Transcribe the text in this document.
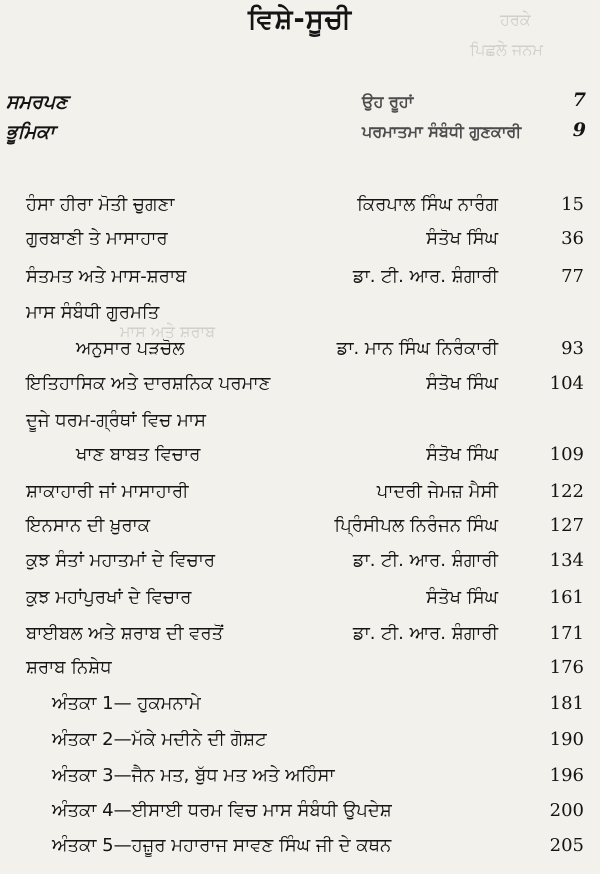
ਹਰਕੇ
ਪਿਛਲੇ ਜਨਮ
ਮਾਸ ਅਤੇ ਸ਼ਰਾਬ
ਵਿਸ਼ੇ-ਸੂਚੀ
ਸਮਰਪਣ	ਉਹ ਰੂਹਾਂ	7
ਭੂਮਿਕਾ	ਪਰਮਾਤਮਾ ਸੰਬੰਧੀ ਗੁਣਕਾਰੀ	9
ਹੰਸਾ ਹੀਰਾ ਮੋਤੀ ਚੁਗਣਾ	ਕਿਰਪਾਲ ਸਿੰਘ ਨਾਰੰਗ	15
ਗੁਰਬਾਣੀ ਤੇ ਮਾਸਾਹਾਰ	ਸੰਤੋਖ ਸਿੰਘ	36
ਸੰਤਮਤ ਅਤੇ ਮਾਸ-ਸ਼ਰਾਬ	ਡਾ. ਟੀ. ਆਰ. ਸ਼ੰਗਾਰੀ	77
ਮਾਸ ਸੰਬੰਧੀ ਗੁਰਮਤਿ
ਅਨੁਸਾਰ ਪੜਚੋਲ	ਡਾ. ਮਾਨ ਸਿੰਘ ਨਿਰੰਕਾਰੀ	93
ਇਤਿਹਾਸਿਕ ਅਤੇ ਦਾਰਸ਼ਨਿਕ ਪਰਮਾਣ	ਸੰਤੋਖ ਸਿੰਘ	104
ਦੂਜੇ ਧਰਮ-ਗ੍ਰੰਥਾਂ ਵਿਚ ਮਾਸ
ਖਾਣ ਬਾਬਤ ਵਿਚਾਰ	ਸੰਤੋਖ ਸਿੰਘ	109
ਸ਼ਾਕਾਹਾਰੀ ਜਾਂ ਮਾਸਾਹਾਰੀ	ਪਾਦਰੀ ਜੇਮਜ਼ ਮੈਸੀ	122
ਇਨਸਾਨ ਦੀ ਖ਼ੁਰਾਕ	ਪ੍ਰਿੰਸੀਪਲ ਨਿਰੰਜਨ ਸਿੰਘ	127
ਕੁਝ ਸੰਤਾਂ ਮਹਾਤਮਾਂ ਦੇ ਵਿਚਾਰ	ਡਾ. ਟੀ. ਆਰ. ਸ਼ੰਗਾਰੀ	134
ਕੁਝ ਮਹਾਂਪੁਰਖਾਂ ਦੇ ਵਿਚਾਰ	ਸੰਤੋਖ ਸਿੰਘ	161
ਬਾਈਬਲ ਅਤੇ ਸ਼ਰਾਬ ਦੀ ਵਰਤੋਂ	ਡਾ. ਟੀ. ਆਰ. ਸ਼ੰਗਾਰੀ	171
ਸ਼ਰਾਬ ਨਿਸ਼ੇਧ	176
ਅੰਤਕਾ 1— ਹੁਕਮਨਾਮੇ	181
ਅੰਤਕਾ 2—ਮੱਕੇ ਮਦੀਨੇ ਦੀ ਗੋਸ਼ਟ	190
ਅੰਤਕਾ 3—ਜੈਨ ਮਤ, ਬੁੱਧ ਮਤ ਅਤੇ ਅਹਿੰਸਾ	196
ਅੰਤਕਾ 4—ਈਸਾਈ ਧਰਮ ਵਿਚ ਮਾਸ ਸੰਬੰਧੀ ਉਪਦੇਸ਼	200
ਅੰਤਕਾ 5—ਹਜ਼ੂਰ ਮਹਾਰਾਜ ਸਾਵਣ ਸਿੰਘ ਜੀ ਦੇ ਕਥਨ	205
